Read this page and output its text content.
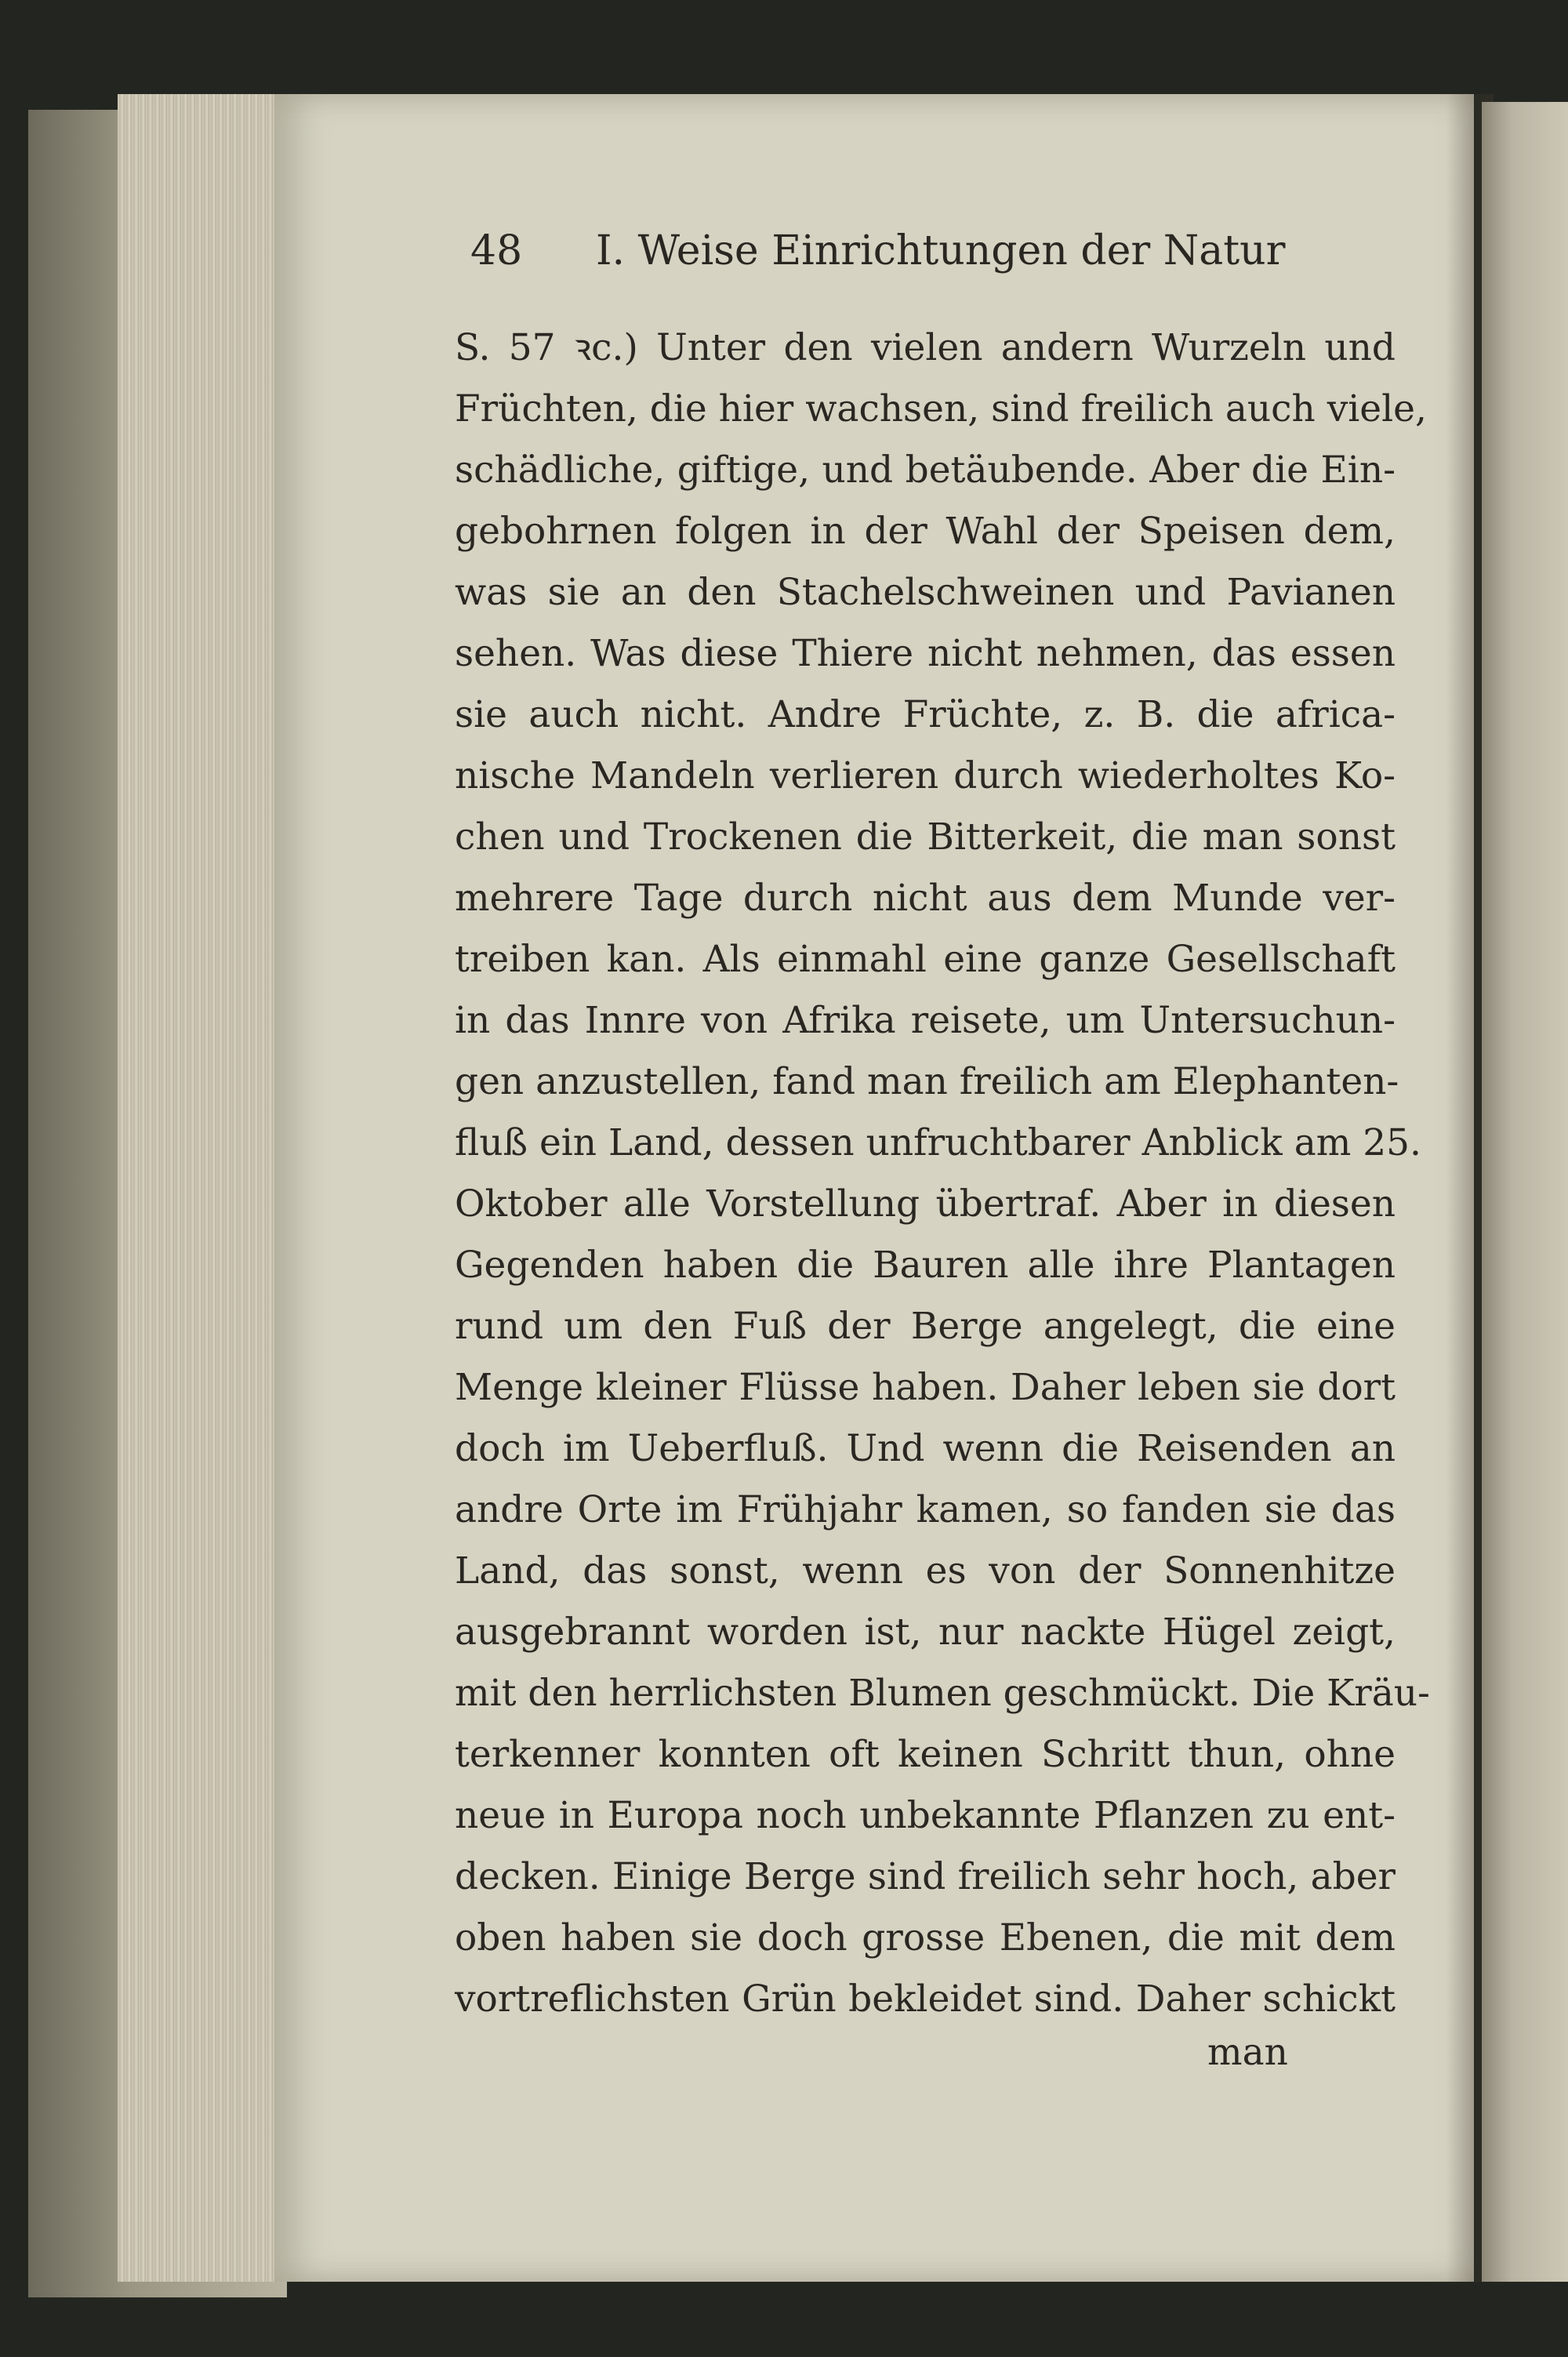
48 I. Weise Einrichtungen der Natur
S. 57 ꝛc.) Unter den vielen andern Wurzeln und
Früchten, die hier wachsen, sind freilich auch viele,
schädliche, giftige, und betäubende. Aber die Ein-
gebohrnen folgen in der Wahl der Speisen dem,
was sie an den Stachelschweinen und Pavianen
sehen. Was diese Thiere nicht nehmen, das essen
sie auch nicht. Andre Früchte, z. B. die africa-
nische Mandeln verlieren durch wiederholtes Ko-
chen und Trockenen die Bitterkeit, die man sonst
mehrere Tage durch nicht aus dem Munde ver-
treiben kan. Als einmahl eine ganze Gesellschaft
in das Innre von Afrika reisete, um Untersuchun-
gen anzustellen, fand man freilich am Elephanten-
fluß ein Land, dessen unfruchtbarer Anblick am 25.
Oktober alle Vorstellung übertraf. Aber in diesen
Gegenden haben die Bauren alle ihre Plantagen
rund um den Fuß der Berge angelegt, die eine
Menge kleiner Flüsse haben. Daher leben sie dort
doch im Ueberfluß. Und wenn die Reisenden an
andre Orte im Frühjahr kamen, so fanden sie das
Land, das sonst, wenn es von der Sonnenhitze
ausgebrannt worden ist, nur nackte Hügel zeigt,
mit den herrlichsten Blumen geschmückt. Die Kräu-
terkenner konnten oft keinen Schritt thun, ohne
neue in Europa noch unbekannte Pflanzen zu ent-
decken. Einige Berge sind freilich sehr hoch, aber
oben haben sie doch grosse Ebenen, die mit dem
vortreflichsten Grün bekleidet sind. Daher schickt
man
